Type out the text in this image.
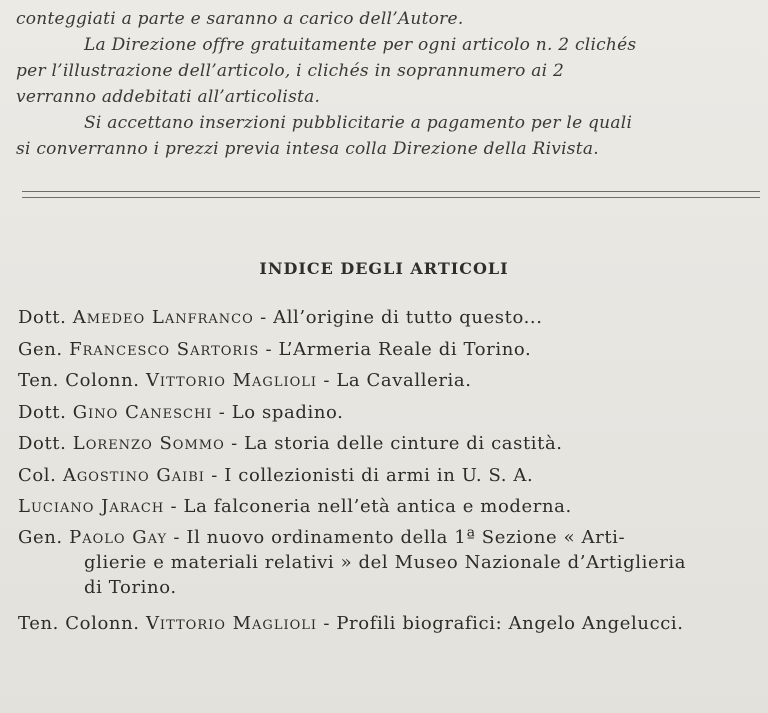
conteggiati a parte e saranno a carico dell’Autore.

La Direzione offre gratuitamente per ogni articolo n. 2 clichés

per l’illustrazione dell’articolo, i clichés in soprannumero ai 2

verranno addebitati all’articolista.

Si accettano inserzioni pubblicitarie a pagamento per le quali

si converranno i prezzi previa intesa colla Direzione della Rivista.

INDICE DEGLI ARTICOLI

Dott. Amedeo Lanfranco - All’origine di tutto questo...

Gen. Francesco Sartoris - L’Armeria Reale di Torino.

Ten. Colonn. Vittorio Maglioli - La Cavalleria.

Dott. Gino Caneschi - Lo spadino.

Dott. Lorenzo Sommo - La storia delle cinture di castità.

Col. Agostino Gaibi - I collezionisti di armi in U. S. A.

Luciano Jarach - La falconeria nell’età antica e moderna.

Gen. Paolo Gay - Il nuovo ordinamento della 1ª Sezione « Arti-
glierie e materiali relativi » del Museo Nazionale d’Artiglieria
di Torino.

Ten. Colonn. Vittorio Maglioli - Profili biografici: Angelo Angelucci.
